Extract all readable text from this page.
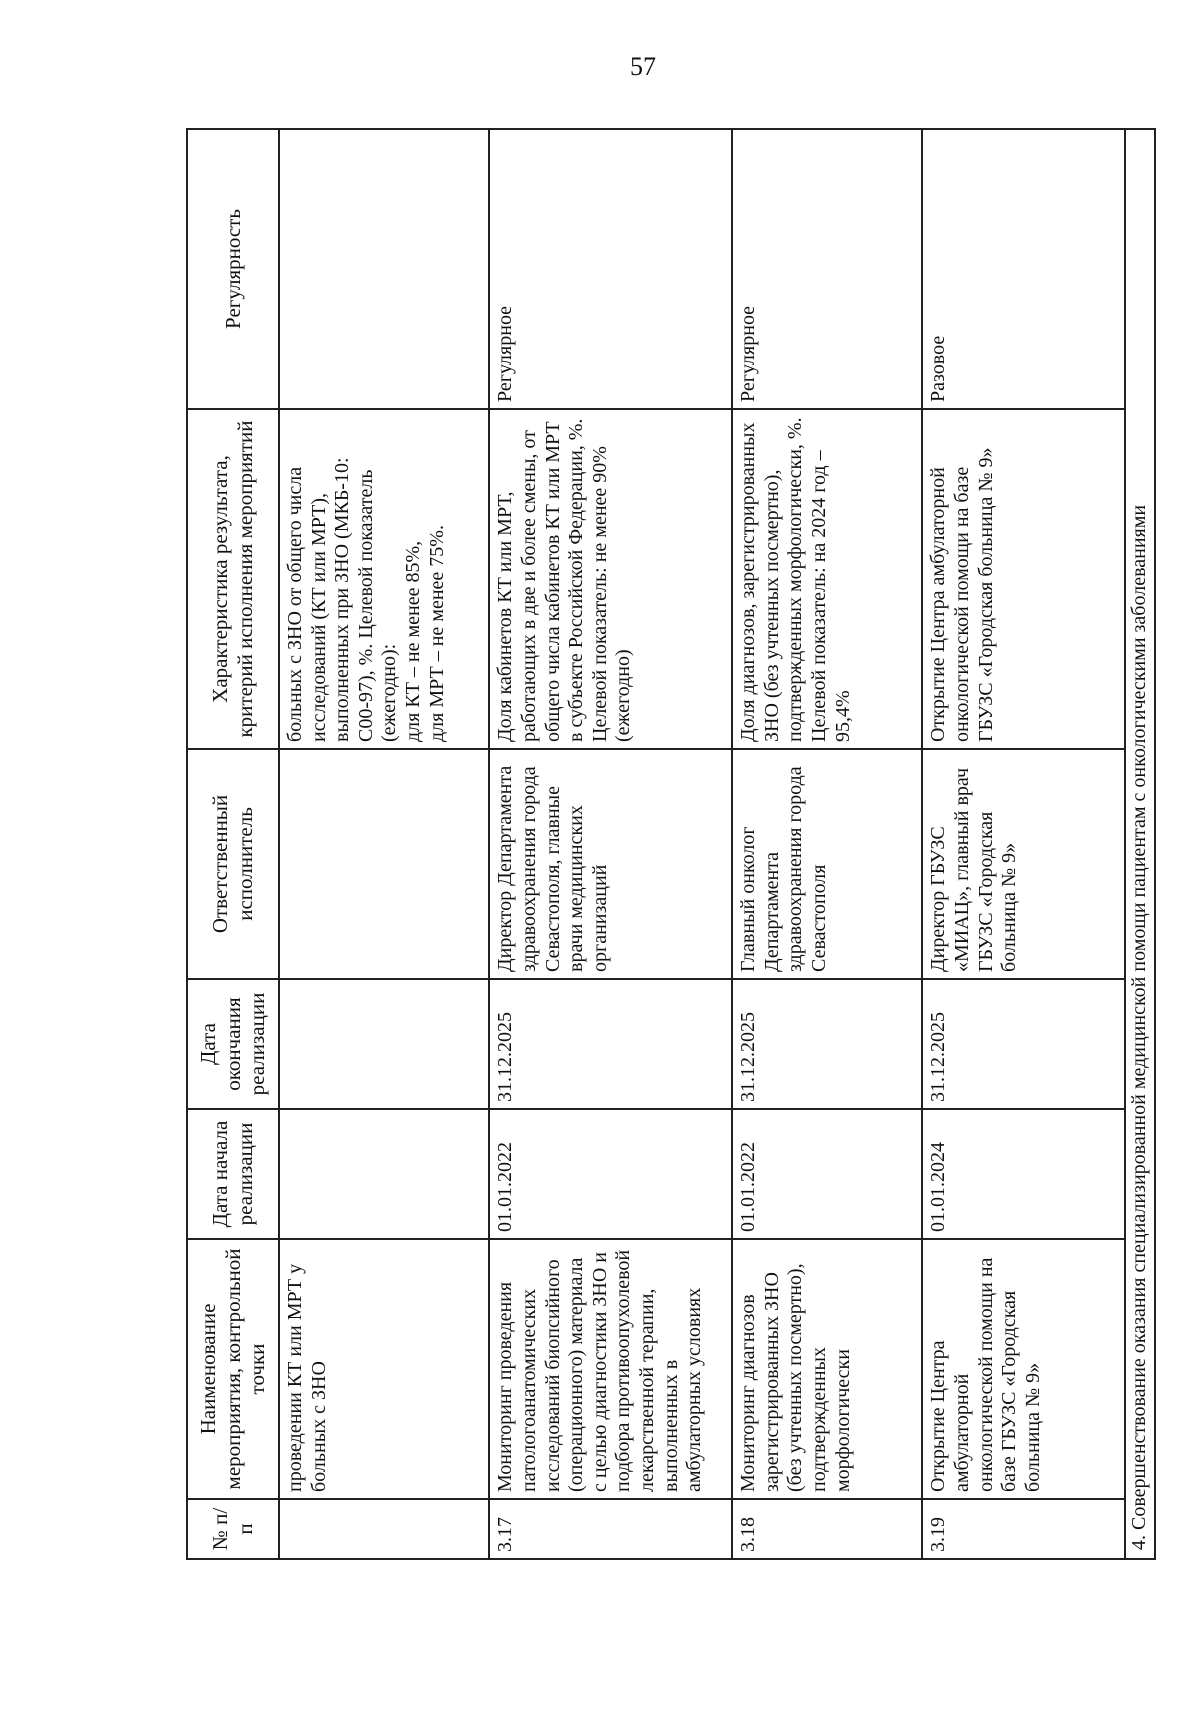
57
№ п/п	Наименование мероприятия, контрольной точки	Дата начала реализации	Дата окончания реализации	Ответственный исполнитель	Характеристика результата, критерий исполнения мероприятий	Регулярность
	проведении КТ или МРТ у больных с ЗНО				больных с ЗНО от общего числа исследований (КТ или МРТ), выполненных при ЗНО (МКБ-10: С00-97), %. Целевой показатель (ежегодно):
для КТ – не менее 85%,
для МРТ – не менее 75%.	
3.17	Мониторинг проведения патологоанатомических исследований биопсийного (операционного) материала с целью диагностики ЗНО и подбора противоопухолевой лекарственной терапии, выполненных в амбулаторных условиях	01.01.2022	31.12.2025	Директор Департамента здравоохранения города Севастополя, главные врачи медицинских организаций	Доля кабинетов КТ или МРТ, работающих в две и более смены, от общего числа кабинетов КТ или МРТ в субъекте Российской Федерации, %. Целевой показатель: не менее 90% (ежегодно)	Регулярное
3.18	Мониторинг диагнозов зарегистрированных ЗНО (без учтенных посмертно), подтвержденных морфологически	01.01.2022	31.12.2025	Главный онколог Департамента здравоохранения города Севастополя	Доля диагнозов, зарегистрированных ЗНО (без учтенных посмертно), подтвержденных морфологически, %. Целевой показатель: на 2024 год – 95,4%	Регулярное
3.19	Открытие Центра амбулаторной онкологической помощи на базе ГБУЗС «Городская больница № 9»	01.01.2024	31.12.2025	Директор ГБУЗС «МИАЦ», главный врач ГБУЗС «Городская больница № 9»	Открытие Центра амбулаторной онкологической помощи на базе ГБУЗС «Городская больница № 9»	Разовое
4. Совершенствование оказания специализированной медицинской помощи пациентам с онкологическими заболеваниями						
